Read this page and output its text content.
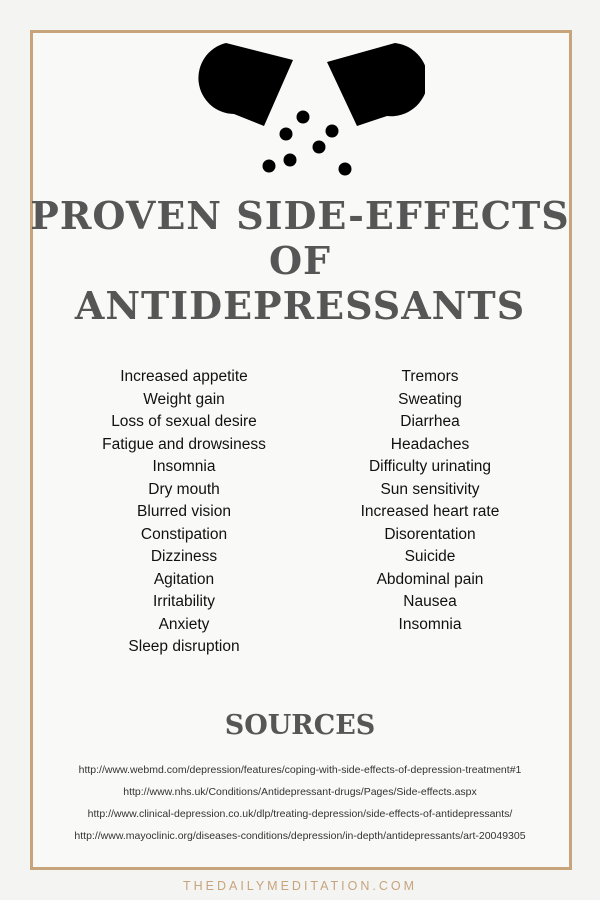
PROVEN SIDE-EFFECTS
OF
ANTIDEPRESSANTS
Increased appetite
Weight gain
Loss of sexual desire
Fatigue and drowsiness
Insomnia
Dry mouth
Blurred vision
Constipation
Dizziness
Agitation
Irritability
Anxiety
Sleep disruption
Tremors
Sweating
Diarrhea
Headaches
Difficulty urinating
Sun sensitivity
Increased heart rate
Disorentation
Suicide
Abdominal pain
Nausea
Insomnia
SOURCES
http://www.webmd.com/depression/features/coping-with-side-effects-of-depression-treatment#1
http://www.nhs.uk/Conditions/Antidepressant-drugs/Pages/Side-effects.aspx
http://www.clinical-depression.co.uk/dlp/treating-depression/side-effects-of-antidepressants/
http://www.mayoclinic.org/diseases-conditions/depression/in-depth/antidepressants/art-20049305
THEDAILYMEDITATION.COM
